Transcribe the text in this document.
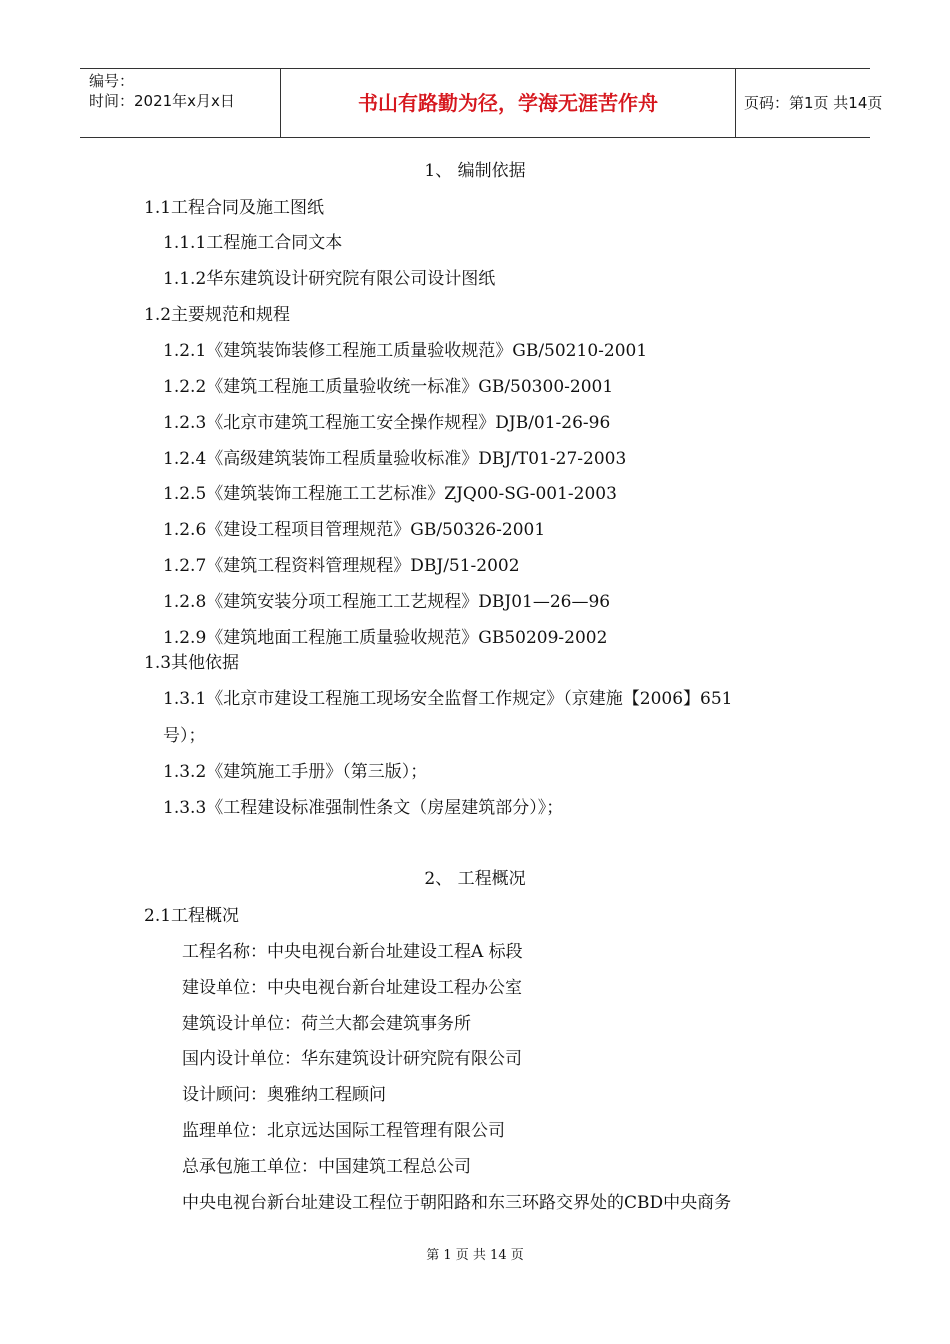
编号：
时间：2021年x月x日	书山有路勤为径，学海无涯苦作舟	页码：第1页 共14页
1、 编制依据
1.1工程合同及施工图纸
1.1.1工程施工合同文本
1.1.2华东建筑设计研究院有限公司设计图纸
1.2主要规范和规程
1.2.1《建筑装饰装修工程施工质量验收规范》GB/50210-2001
1.2.2《建筑工程施工质量验收统一标准》GB/50300-2001
1.2.3《北京市建筑工程施工安全操作规程》DJB/01-26-96
1.2.4《高级建筑装饰工程质量验收标准》DBJ/T01-27-2003
1.2.5《建筑装饰工程施工工艺标准》ZJQ00-SG-001-2003
1.2.6《建设工程项目管理规范》GB/50326-2001
1.2.7《建筑工程资料管理规程》DBJ/51-2002
1.2.8《建筑安装分项工程施工工艺规程》DBJ01—26—96
1.2.9《建筑地面工程施工质量验收规范》GB50209-2002
1.3其他依据
1.3.1《北京市建设工程施工现场安全监督工作规定》（京建施【2006】651
号）；
1.3.2《建筑施工手册》（第三版）；
1.3.3《工程建设标准强制性条文（房屋建筑部分）》；
2、 工程概况
2.1工程概况
工程名称：中央电视台新台址建设工程A 标段
建设单位：中央电视台新台址建设工程办公室
建筑设计单位：荷兰大都会建筑事务所
国内设计单位：华东建筑设计研究院有限公司
设计顾问：奥雅纳工程顾问
监理单位：北京远达国际工程管理有限公司
总承包施工单位：中国建筑工程总公司
中央电视台新台址建设工程位于朝阳路和东三环路交界处的CBD中央商务
第 1 页 共 14 页
